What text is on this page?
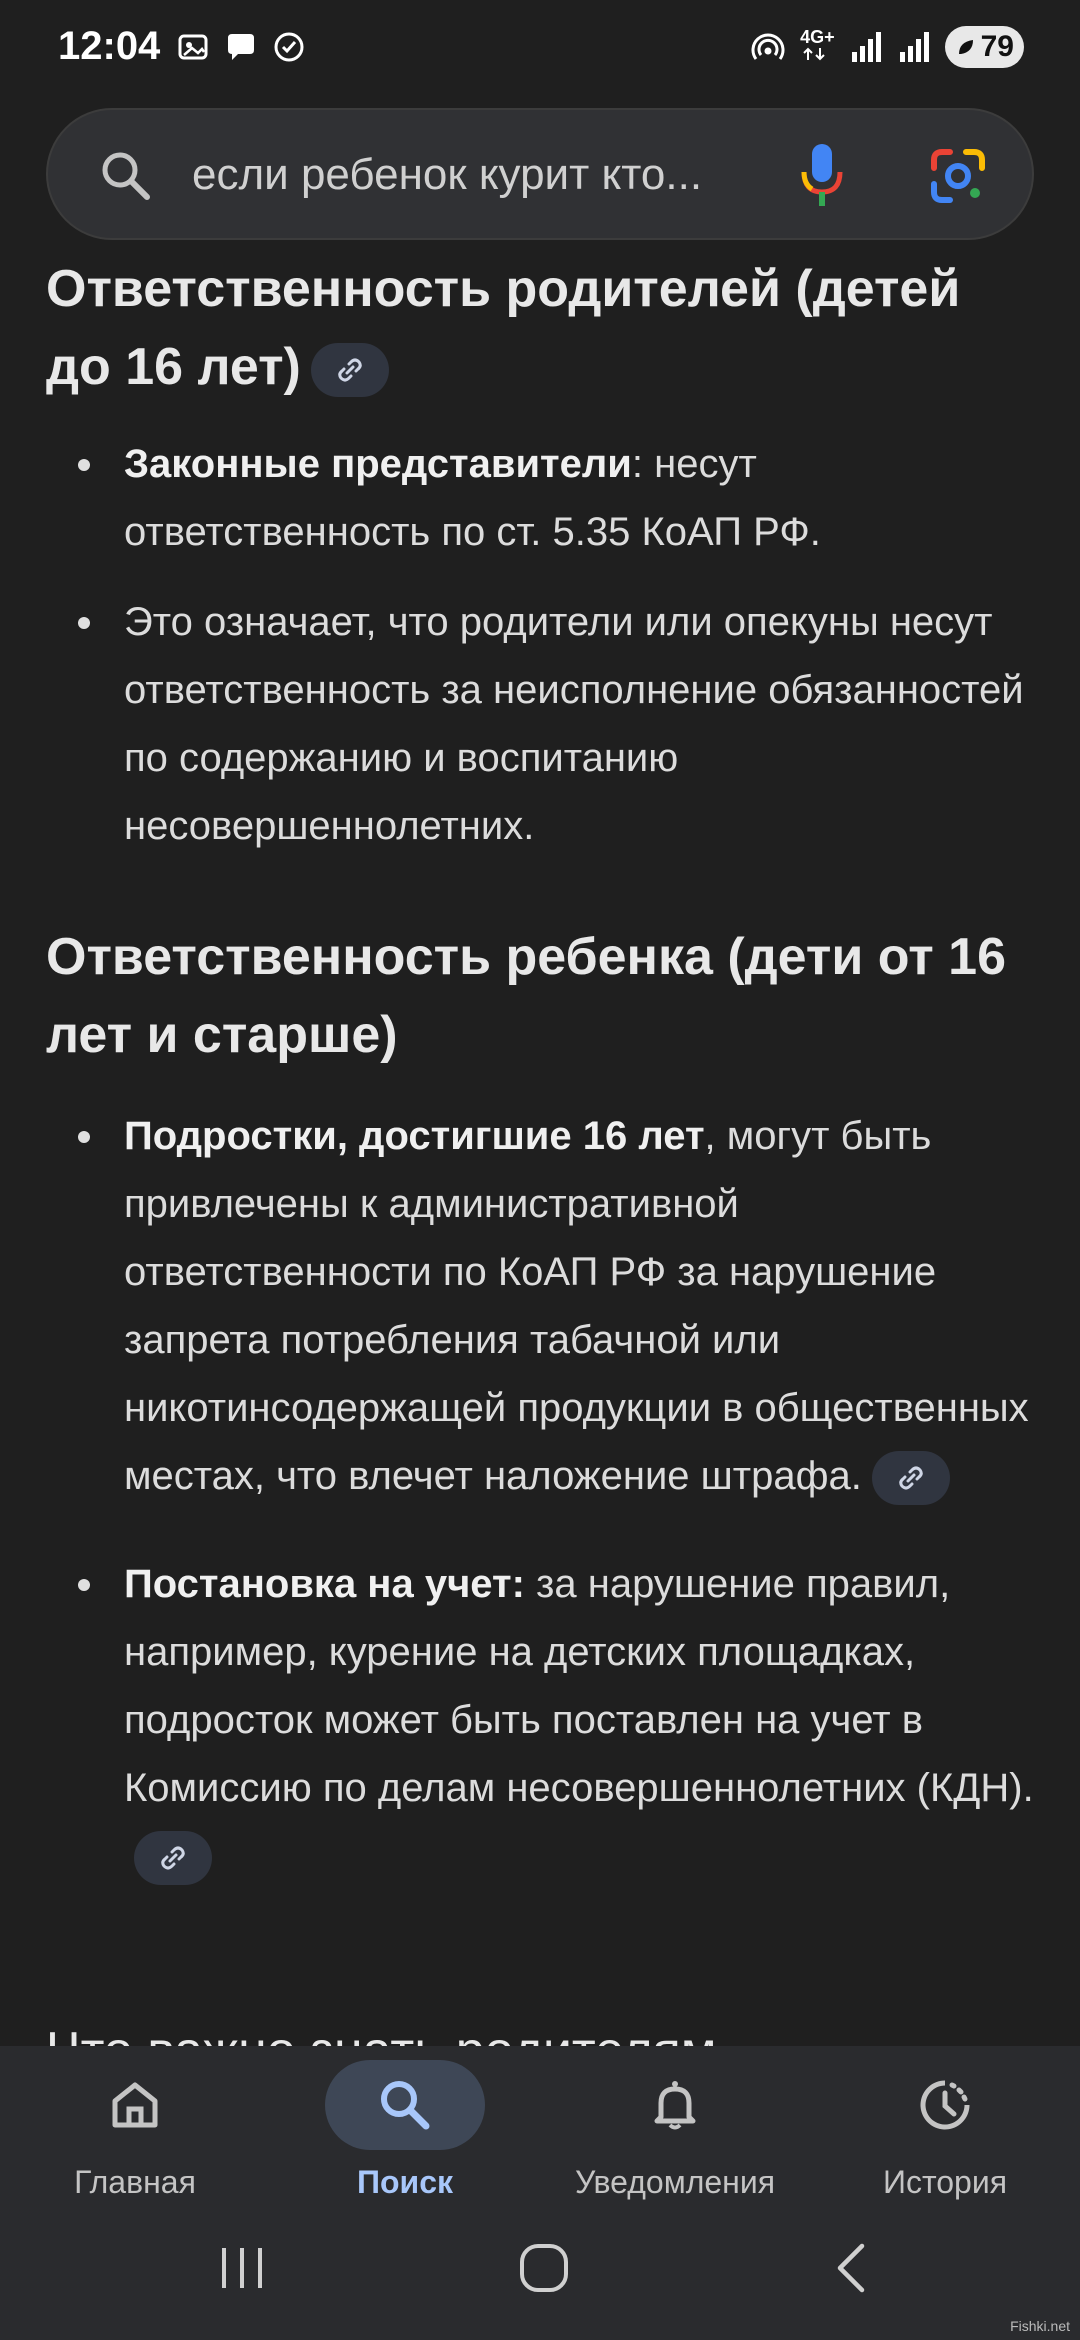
12:04	4G+	79
если ребенок курит кто...
Ответственность родителей (детей до 16 лет)
Законные представители: несут ответственность по ст. 5.35 КоАП РФ.
Это означает, что родители или опекуны несут ответственность за неисполнение обязанностей по содержанию и воспитанию несовершеннолетних.
Ответственность ребенка (дети от 16 лет и старше)
Подростки, достигшие 16 лет, могут быть привлечены к административной ответственности по КоАП РФ за нарушение запрета потребления табачной или никотинсодержащей продукции в общественных местах, что влечет наложение штрафа.
Постановка на учет: за нарушение правил, например, курение на детских площадках, подросток может быть поставлен на учет в Комиссию по делам несовершеннолетних (КДН).
Главная	Поиск	Уведомления	История
Fishki.net
